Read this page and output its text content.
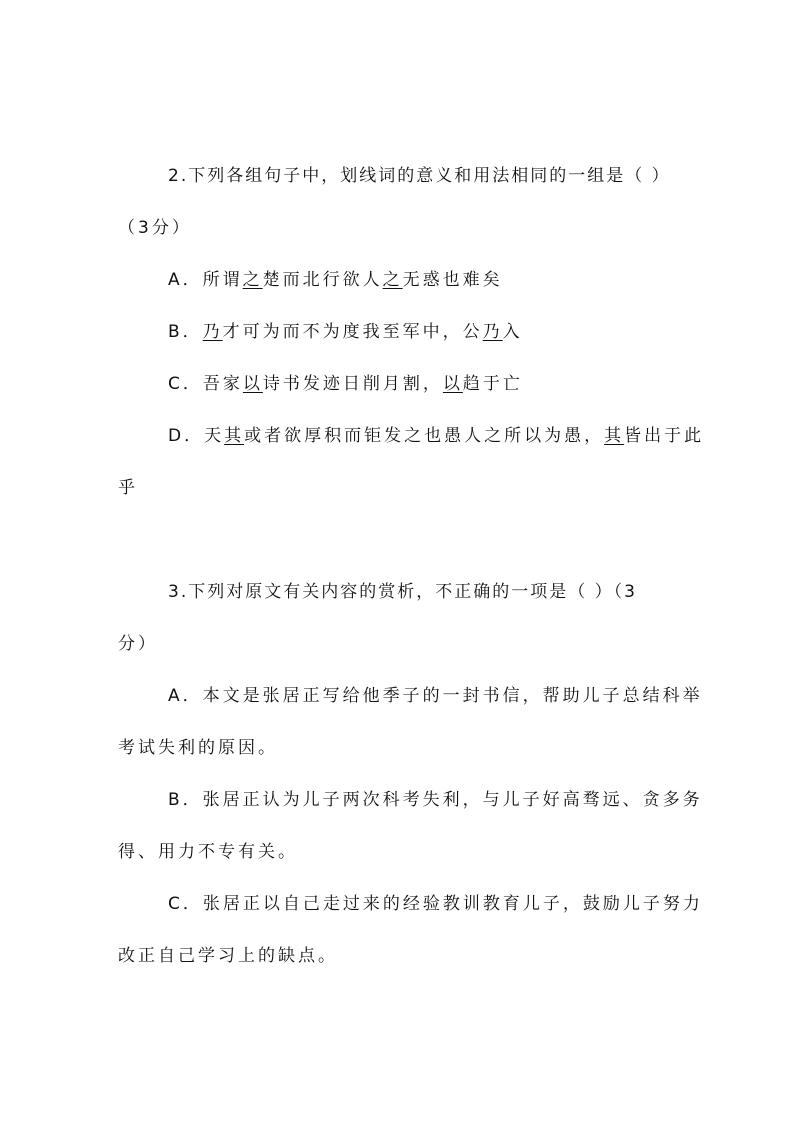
2.下列各组句子中，划线词的意义和用法相同的一组是（ ）
（3分）
A．所谓之楚而北行欲人之无惑也难矣
B．乃才可为而不为度我至军中，公乃入
C．吾家以诗书发迹日削月割，以趋于亡
D．天其或者欲厚积而钜发之也愚人之所以为愚，其皆出于此
乎
3.下列对原文有关内容的赏析，不正确的一项是（ ）（3
分）
A．本文是张居正写给他季子的一封书信，帮助儿子总结科举
考试失利的原因。
B．张居正认为儿子两次科考失利，与儿子好高骛远、贪多务
得、用力不专有关。
C．张居正以自己走过来的经验教训教育儿子，鼓励儿子努力
改正自己学习上的缺点。
